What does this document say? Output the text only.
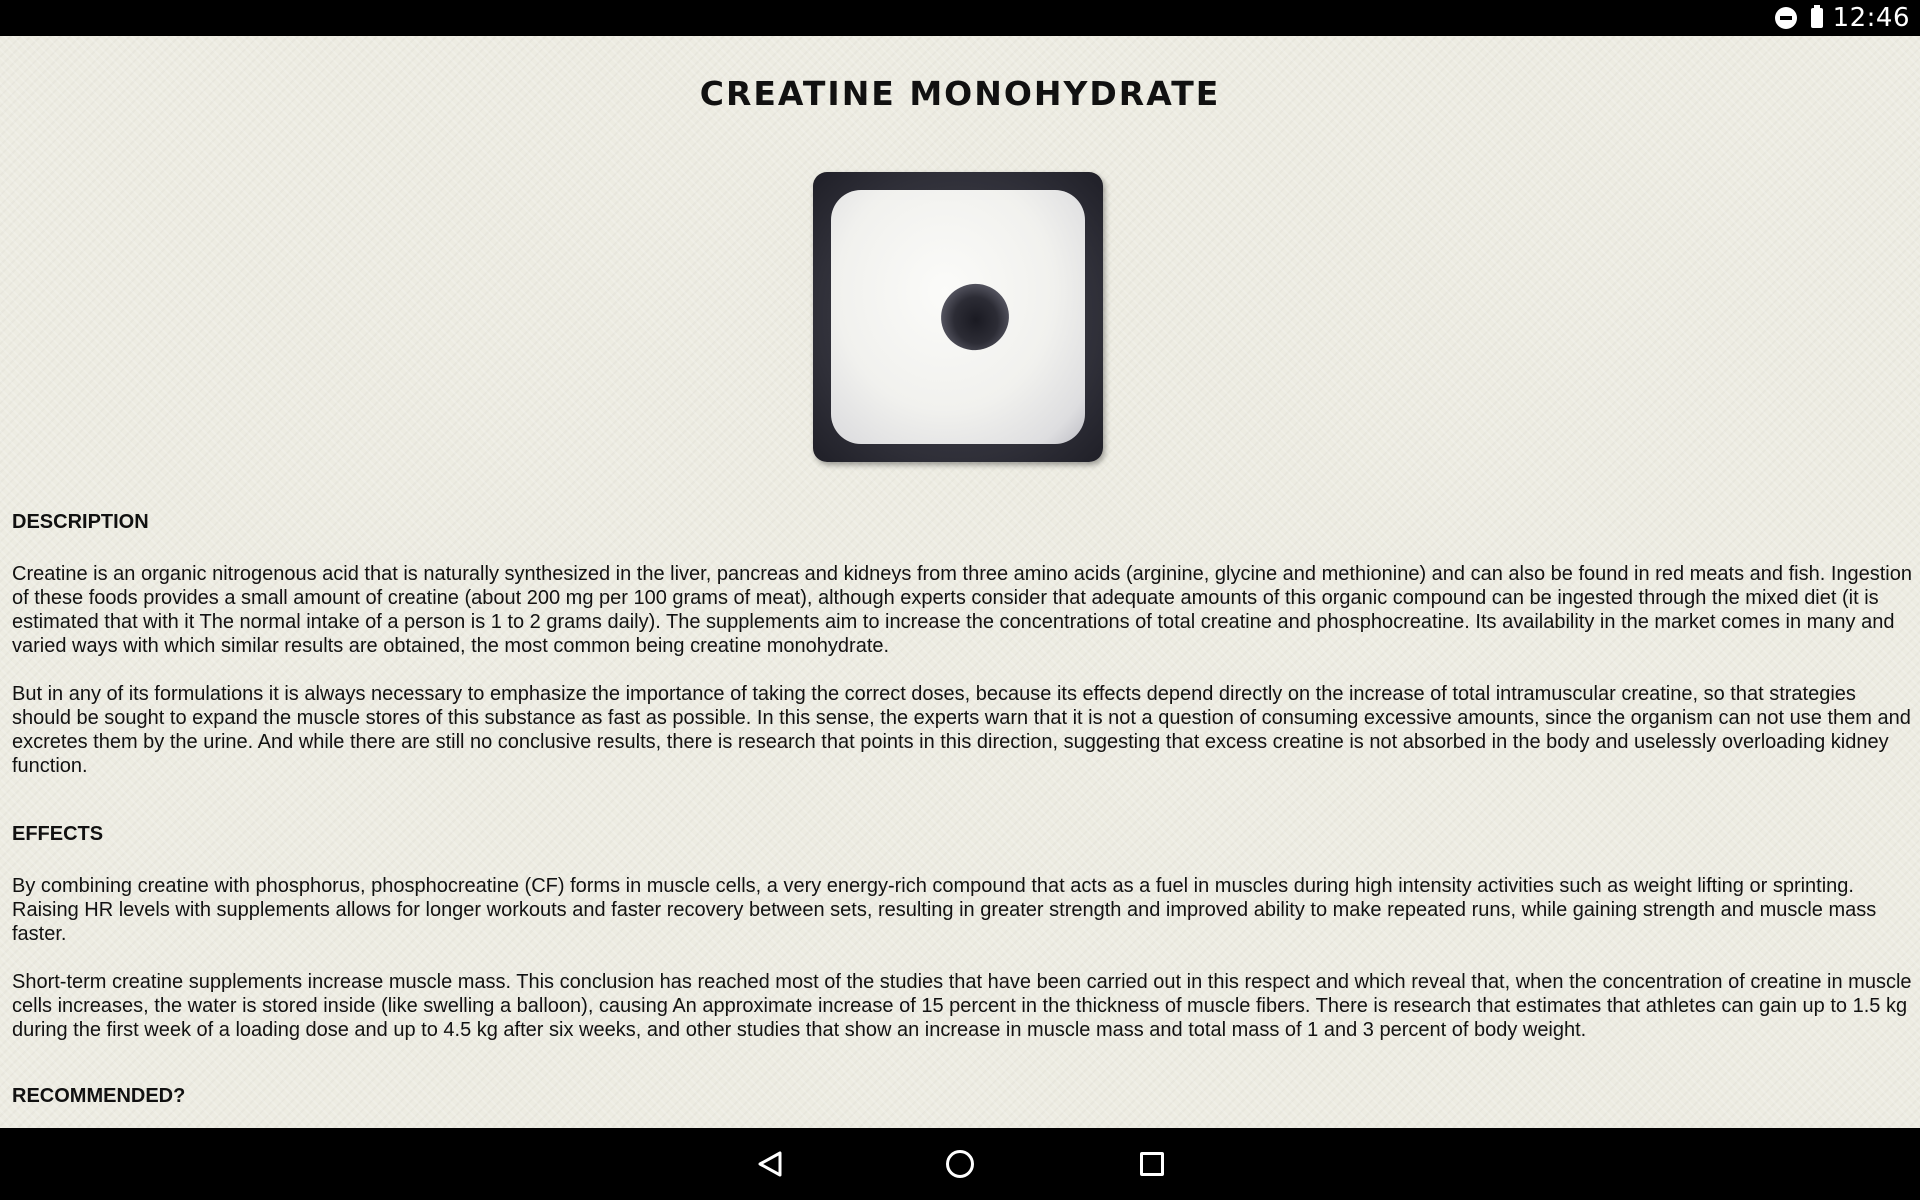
12:46
CREATINE MONOHYDRATE

DESCRIPTION

Creatine is an organic nitrogenous acid that is naturally synthesized in the liver, pancreas and kidneys from three amino acids (arginine, glycine and methionine) and can also be found in red meats and fish. Ingestion of these foods provides a small amount of creatine (about 200 mg per 100 grams of meat), although experts consider that adequate amounts of this organic compound can be ingested through the mixed diet (it is estimated that with it The normal intake of a person is 1 to 2 grams daily). The supplements aim to increase the concentrations of total creatine and phosphocreatine. Its availability in the market comes in many and varied ways with which similar results are obtained, the most common being creatine monohydrate.

But in any of its formulations it is always necessary to emphasize the importance of taking the correct doses, because its effects depend directly on the increase of total intramuscular creatine, so that strategies should be sought to expand the muscle stores of this substance as fast as possible. In this sense, the experts warn that it is not a question of consuming excessive amounts, since the organism can not use them and excretes them by the urine. And while there are still no conclusive results, there is research that points in this direction, suggesting that excess creatine is not absorbed in the body and uselessly overloading kidney function.

EFFECTS

By combining creatine with phosphorus, phosphocreatine (CF) forms in muscle cells, a very energy-rich compound that acts as a fuel in muscles during high intensity activities such as weight lifting or sprinting. Raising HR levels with supplements allows for longer workouts and faster recovery between sets, resulting in greater strength and improved ability to make repeated runs, while gaining strength and muscle mass faster.

Short-term creatine supplements increase muscle mass. This conclusion has reached most of the studies that have been carried out in this respect and which reveal that, when the concentration of creatine in muscle cells increases, the water is stored inside (like swelling a balloon), causing An approximate increase of 15 percent in the thickness of muscle fibers. There is research that estimates that athletes can gain up to 1.5 kg during the first week of a loading dose and up to 4.5 kg after six weeks, and other studies that show an increase in muscle mass and total mass of 1 and 3 percent of body weight.

RECOMMENDED?
